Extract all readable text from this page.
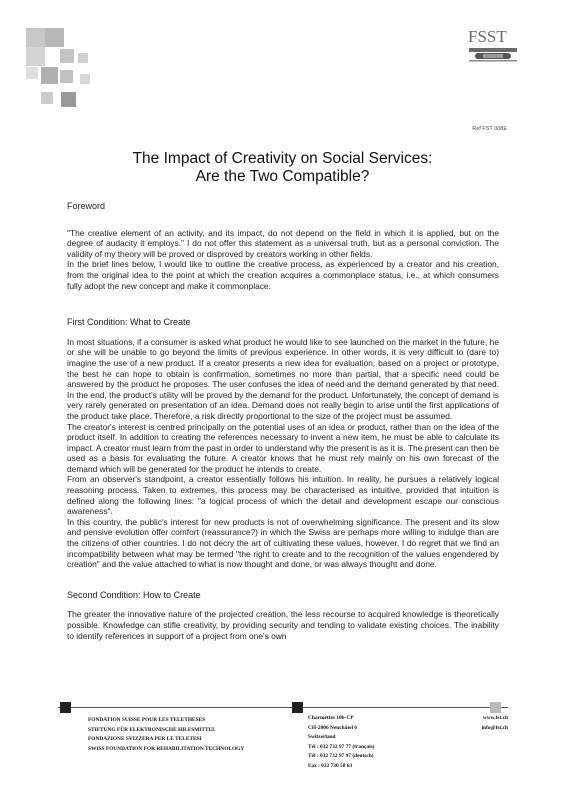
FSST
Ref FST 008E
The Impact of Creativity on Social Services:
Are the Two Compatible?
Foreword

"The creative element of an activity, and its impact, do not depend on the field in which it is applied, but on the degree of audacity it employs." I do not offer this statement as a universal truth, but as a personal conviction. The validity of my theory will be proved or disproved by creators working in other fields.

In the brief lines below, I would like to outline the creative process, as experienced by a creator and his creation, from the original idea to the point at which the creation acquires a commonplace status, i.e., at which consumers fully adopt the new concept and make it commonplace.

First Condition: What to Create

In most situations, if a consumer is asked what product he would like to see launched on the market in the future, he or she will be unable to go beyond the limits of previous experience. In other words, it is very difficult to (dare to) imagine the use of a new product. If a creator presents a new idea for evaluation, based on a project or prototype, the best he can hope to obtain is confirmation, sometimes no more than partial, that a specific need could be answered by the product he proposes. The user confuses the idea of need and the demand generated by that need. In the end, the product's utility will be proved by the demand for the product. Unfortunately, the concept of demand is very rarely generated on presentation of an idea. Demand does not really begin to arise until the first applications of the product take place. Therefore, a risk directly proportional to the size of the project must be assumed.

The creator's interest is centred principally on the potential uses of an idea or product, rather than on the idea of the product itself. In addition to creating the references necessary to invent a new item, he must be able to calculate its impact. A creator must learn from the past in order to understand why the present is as it is. The present can then be used as a basis for evaluating the future. A creator knows that he must rely mainly on his own forecast of the demand which will be generated for the product he intends to create.

From an observer's standpoint, a creator essentially follows his intuition. In reality, he pursues a relatively logical reasoning process. Taken to extremes, this process may be characterised as intuitive, provided that intuition is defined along the following lines: "a logical process of which the detail and development escape our conscious awareness".

In this country, the public's interest for new products is not of overwhelming significance. The present and its slow and pensive evolution offer comfort (reassurance?) in which the Swiss are perhaps more willing to indulge than are the citizens of other countries. I do not decry the art of cultivating these values, however, I do regret that we find an incompatibility between what may be termed "the right to create and to the recognition of the values engendered by creation" and the value attached to what is now thought and done, or was always thought and done.

Second Condition: How to Create

The greater the innovative nature of the projected creation, the less recourse to acquired knowledge is theoretically possible. Knowledge can stifle creativity, by providing security and tending to validate existing choices. The inability to identify references in support of a project from one's own

FONDATION SUISSE POUR LES TELETHESES
STIFTUNG FÜR ELEKTRONISCHE HILFSMITTEL
FONDAZIONE SVIZZERA PER LE TELETESI
SWISS FOUNDATION FOR REHABILITATION TECHNOLOGY
Charmettes 10b-CP
CH-2006 Neuchâtel 6
Switzerland
Tél : 032 732 97 77 (français)
Tél : 032 732 97 97 (deutsch)
Fax : 032 730 58 63
www.fst.ch
info@fst.ch
